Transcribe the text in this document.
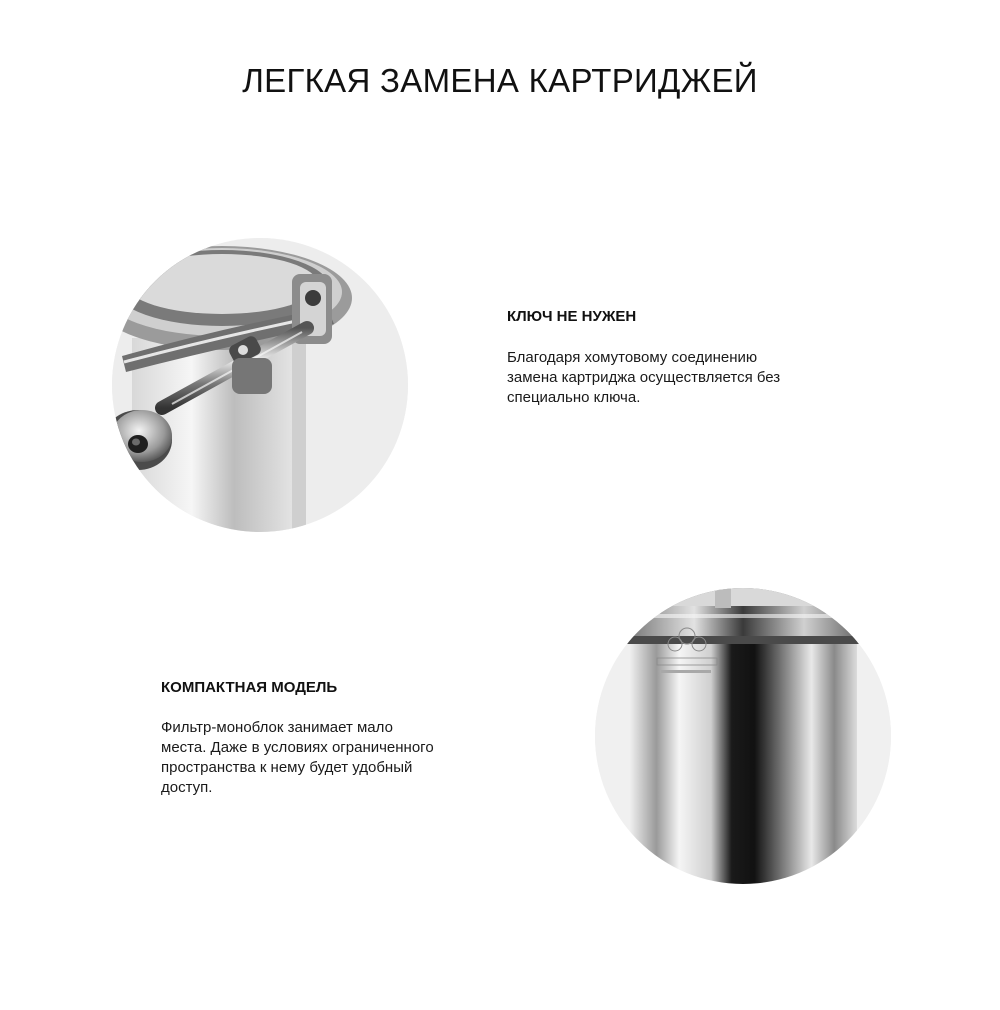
ЛЕГКАЯ ЗАМЕНА КАРТРИДЖЕЙ
КЛЮЧ НЕ НУЖЕН

Благодаря хомутовому соединению
замена картриджа осуществляется без
специально ключа.

КОМПАКТНАЯ МОДЕЛЬ

Фильтр-моноблок занимает мало
места. Даже в условиях ограниченного
пространства к нему будет удобный
доступ.
